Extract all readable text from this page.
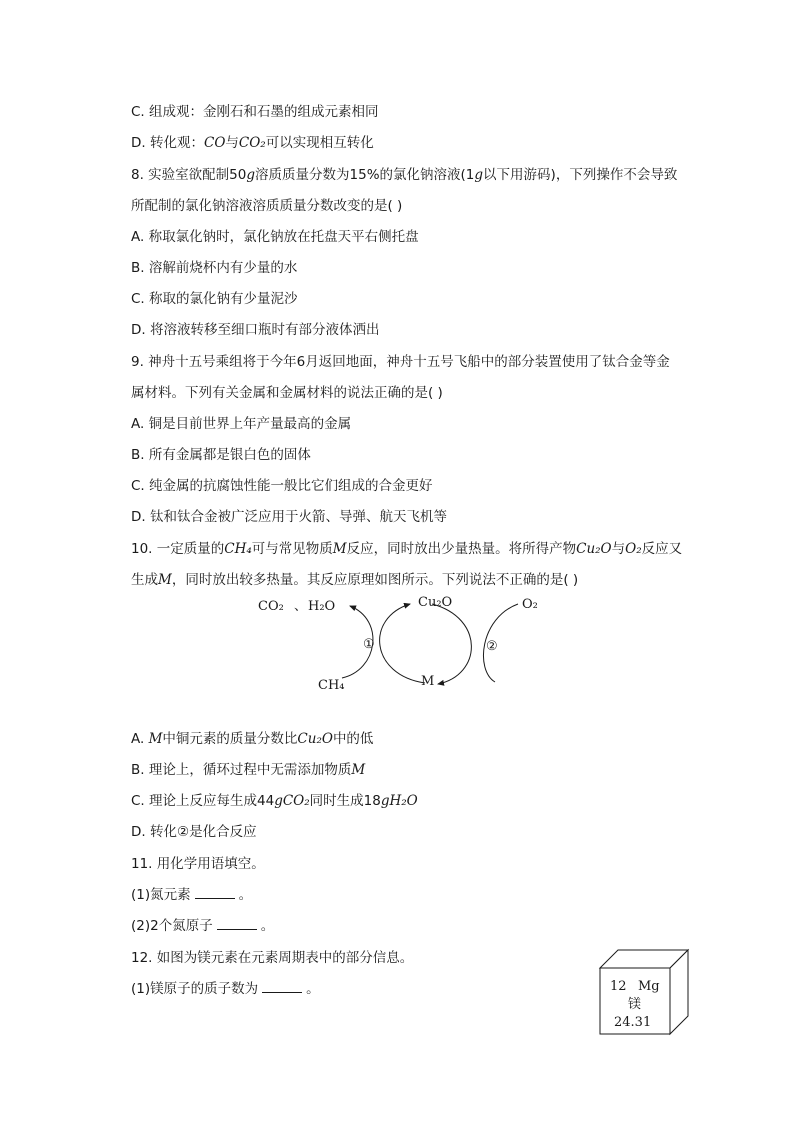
C. 组成观：金刚石和石墨的组成元素相同
D. 转化观：CO与CO₂可以实现相互转化
8. 实验室欲配制50g溶质质量分数为15%的氯化钠溶液(1g以下用游码)，下列操作不会导致
所配制的氯化钠溶液溶质质量分数改变的是( )
A. 称取氯化钠时，氯化钠放在托盘天平右侧托盘
B. 溶解前烧杯内有少量的水
C. 称取的氯化钠有少量泥沙
D. 将溶液转移至细口瓶时有部分液体洒出
9. 神舟十五号乘组将于今年6月返回地面，神舟十五号飞船中的部分装置使用了钛合金等金
属材料。下列有关金属和金属材料的说法正确的是( )
A. 铜是目前世界上年产量最高的金属
B. 所有金属都是银白色的固体
C. 纯金属的抗腐蚀性能一般比它们组成的合金更好
D. 钛和钛合金被广泛应用于火箭、导弹、航天飞机等
10. 一定质量的CH₄可与常见物质M反应，同时放出少量热量。将所得产物Cu₂O与O₂反应又
生成M，同时放出较多热量。其反应原理如图所示。下列说法不正确的是( )
CO₂ 、 H₂O	Cu₂O	O₂
①	②
CH₄	M
A. M中铜元素的质量分数比Cu₂O中的低
B. 理论上，循环过程中无需添加物质M
C. 理论上反应每生成44gCO₂同时生成18gH₂O
D. 转化②是化合反应
11. 用化学用语填空。
(1)氮元素	。
(2)2个氮原子	。
12. 如图为镁元素在元素周期表中的部分信息。
(1)镁原子的质子数为	。	12 Mg
镁
24.31
